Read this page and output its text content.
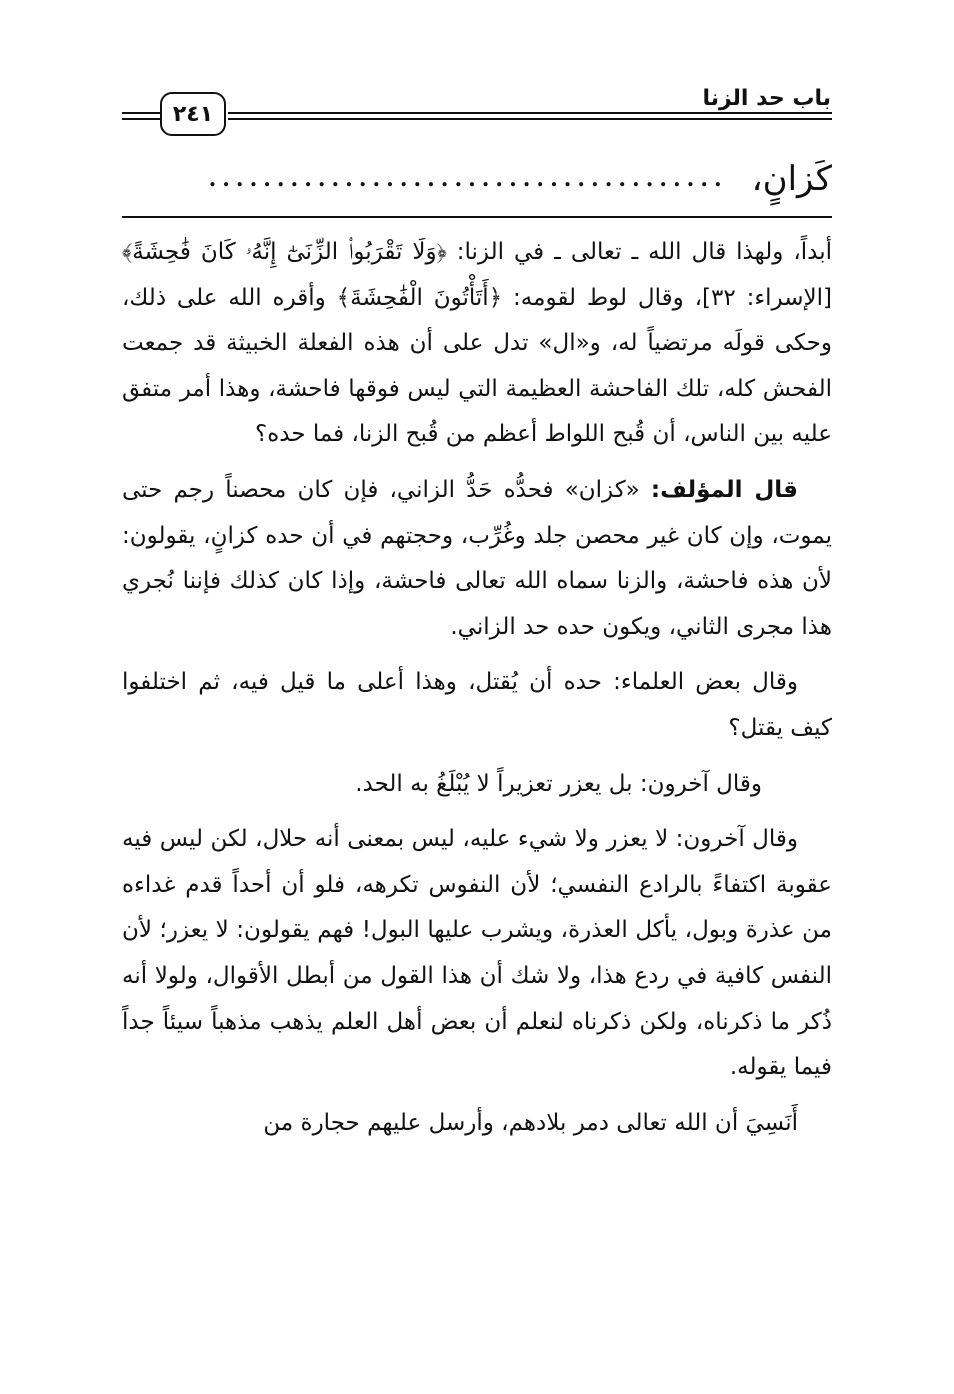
باب حد الزنا
٢٤١
كَزانٍ،
......................................

أبداً، ولهذا قال الله ـ تعالى ـ في الزنا: ﴿وَلَا تَقْرَبُوا۟ الزِّنَىٰٓ إِنَّهُۥ كَانَ فَٰحِشَةً﴾ [الإسراء: ٣٢]، وقال لوط لقومه: ﴿أَتَأْتُونَ الْفَٰحِشَةَ﴾ وأقره الله على ذلك، وحكى قولَه مرتضياً له، و«ال» تدل على أن هذه الفعلة الخبيثة قد جمعت الفحش كله، تلك الفاحشة العظيمة التي ليس فوقها فاحشة، وهذا أمر متفق عليه بين الناس، أن قُبح اللواط أعظم من قُبح الزنا، فما حده؟

قال المؤلف: «كزان» فحدُّه حَدُّ الزاني، فإن كان محصناً رجم حتى يموت، وإن كان غير محصن جلد وغُرِّب، وحجتهم في أن حده كزانٍ، يقولون: لأن هذه فاحشة، والزنا سماه الله تعالى فاحشة، وإذا كان كذلك فإننا نُجري هذا مجرى الثاني، ويكون حده حد الزاني.

وقال بعض العلماء: حده أن يُقتل، وهذا أعلى ما قيل فيه، ثم اختلفوا كيف يقتل؟

وقال آخرون: بل يعزر تعزيراً لا يُبْلَغُ به الحد.

وقال آخرون: لا يعزر ولا شيء عليه، ليس بمعنى أنه حلال، لكن ليس فيه عقوبة اكتفاءً بالرادع النفسي؛ لأن النفوس تكرهه، فلو أن أحداً قدم غداءه من عذرة وبول، يأكل العذرة، ويشرب عليها البول! فهم يقولون: لا يعزر؛ لأن النفس كافية في ردع هذا، ولا شك أن هذا القول من أبطل الأقوال، ولولا أنه ذُكر ما ذكرناه، ولكن ذكرناه لنعلم أن بعض أهل العلم يذهب مذهباً سيئاً جداً فيما يقوله.

أَنَسِيَ أن الله تعالى دمر بلادهم، وأرسل عليهم حجارة من
